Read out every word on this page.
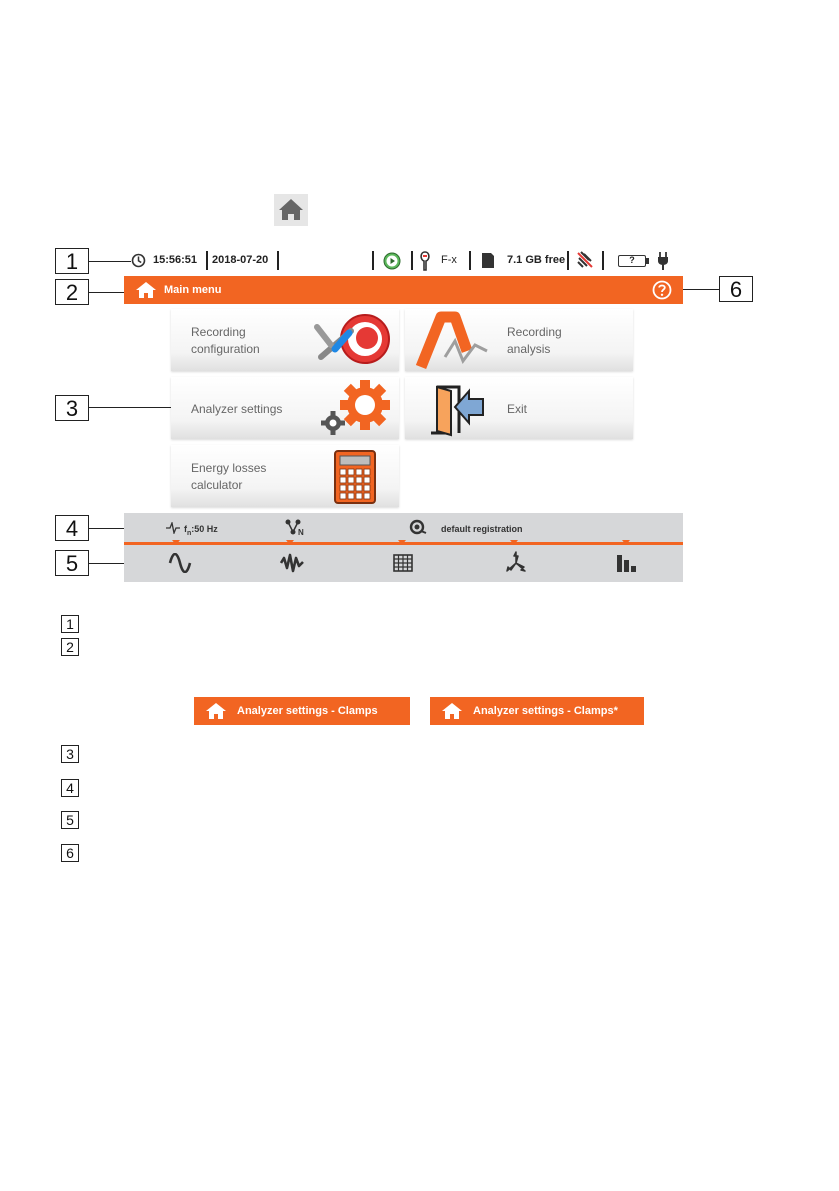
1
2	6
3
4
5
15:56:51 2018-07-20	F-x	7.1 GB free	?
Main menu
Recording
configuration
Recording
analysis
Analyzer settings	Exit
Energy losses
calculator
$f_n:50$ Hz	N	default registration
1
2
Analyzer settings - Clamps	Analyzer settings - Clamps*
3
4
5
6
